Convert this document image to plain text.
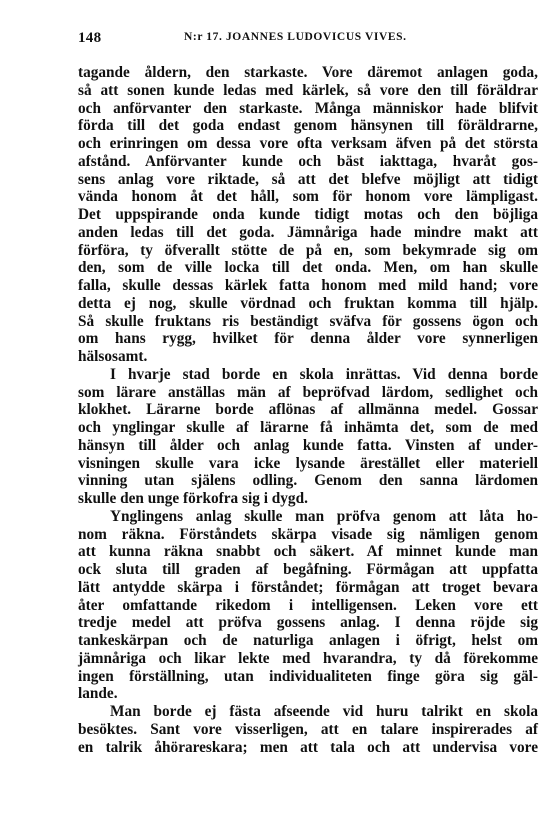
148	N:r 17. JOANNES LUDOVICUS VIVES.
tagande åldern, den starkaste. Vore däremot anlagen goda,
så att sonen kunde ledas med kärlek, så vore den till föräldrar
och anförvanter den starkaste. Många människor hade blifvit
förda till det goda endast genom hänsynen till föräldrarne,
och erinringen om dessa vore ofta verksam äfven på det största
afstånd. Anförvanter kunde och bäst iakttaga, hvaråt gos-
sens anlag vore riktade, så att det blefve möjligt att tidigt
vända honom åt det håll, som för honom vore lämpligast.
Det uppspirande onda kunde tidigt motas och den böjliga
anden ledas till det goda. Jämnåriga hade mindre makt att
förföra, ty öfverallt stötte de på en, som bekymrade sig om
den, som de ville locka till det onda. Men, om han skulle
falla, skulle dessas kärlek fatta honom med mild hand; vore
detta ej nog, skulle vördnad och fruktan komma till hjälp.
Så skulle fruktans ris beständigt sväfva för gossens ögon och
om hans rygg, hvilket för denna ålder vore synnerligen
hälsosamt.
I hvarje stad borde en skola inrättas. Vid denna borde
som lärare anställas män af bepröfvad lärdom, sedlighet och
klokhet. Lärarne borde aflönas af allmänna medel. Gossar
och ynglingar skulle af lärarne få inhämta det, som de med
hänsyn till ålder och anlag kunde fatta. Vinsten af under-
visningen skulle vara icke lysande ärestället eller materiell
vinning utan själens odling. Genom den sanna lärdomen
skulle den unge förkofra sig i dygd.
Ynglingens anlag skulle man pröfva genom att låta ho-
nom räkna. Förståndets skärpa visade sig nämligen genom
att kunna räkna snabbt och säkert. Af minnet kunde man
ock sluta till graden af begåfning. Förmågan att uppfatta
lätt antydde skärpa i förståndet; förmågan att troget bevara
åter omfattande rikedom i intelligensen. Leken vore ett
tredje medel att pröfva gossens anlag. I denna röjde sig
tankeskärpan och de naturliga anlagen i öfrigt, helst om
jämnåriga och likar lekte med hvarandra, ty då förekomme
ingen förställning, utan individualiteten finge göra sig gäl-
lande.
Man borde ej fästa afseende vid huru talrikt en skola
besöktes. Sant vore visserligen, att en talare inspirerades af
en talrik åhörareskara; men att tala och att undervisa vore
